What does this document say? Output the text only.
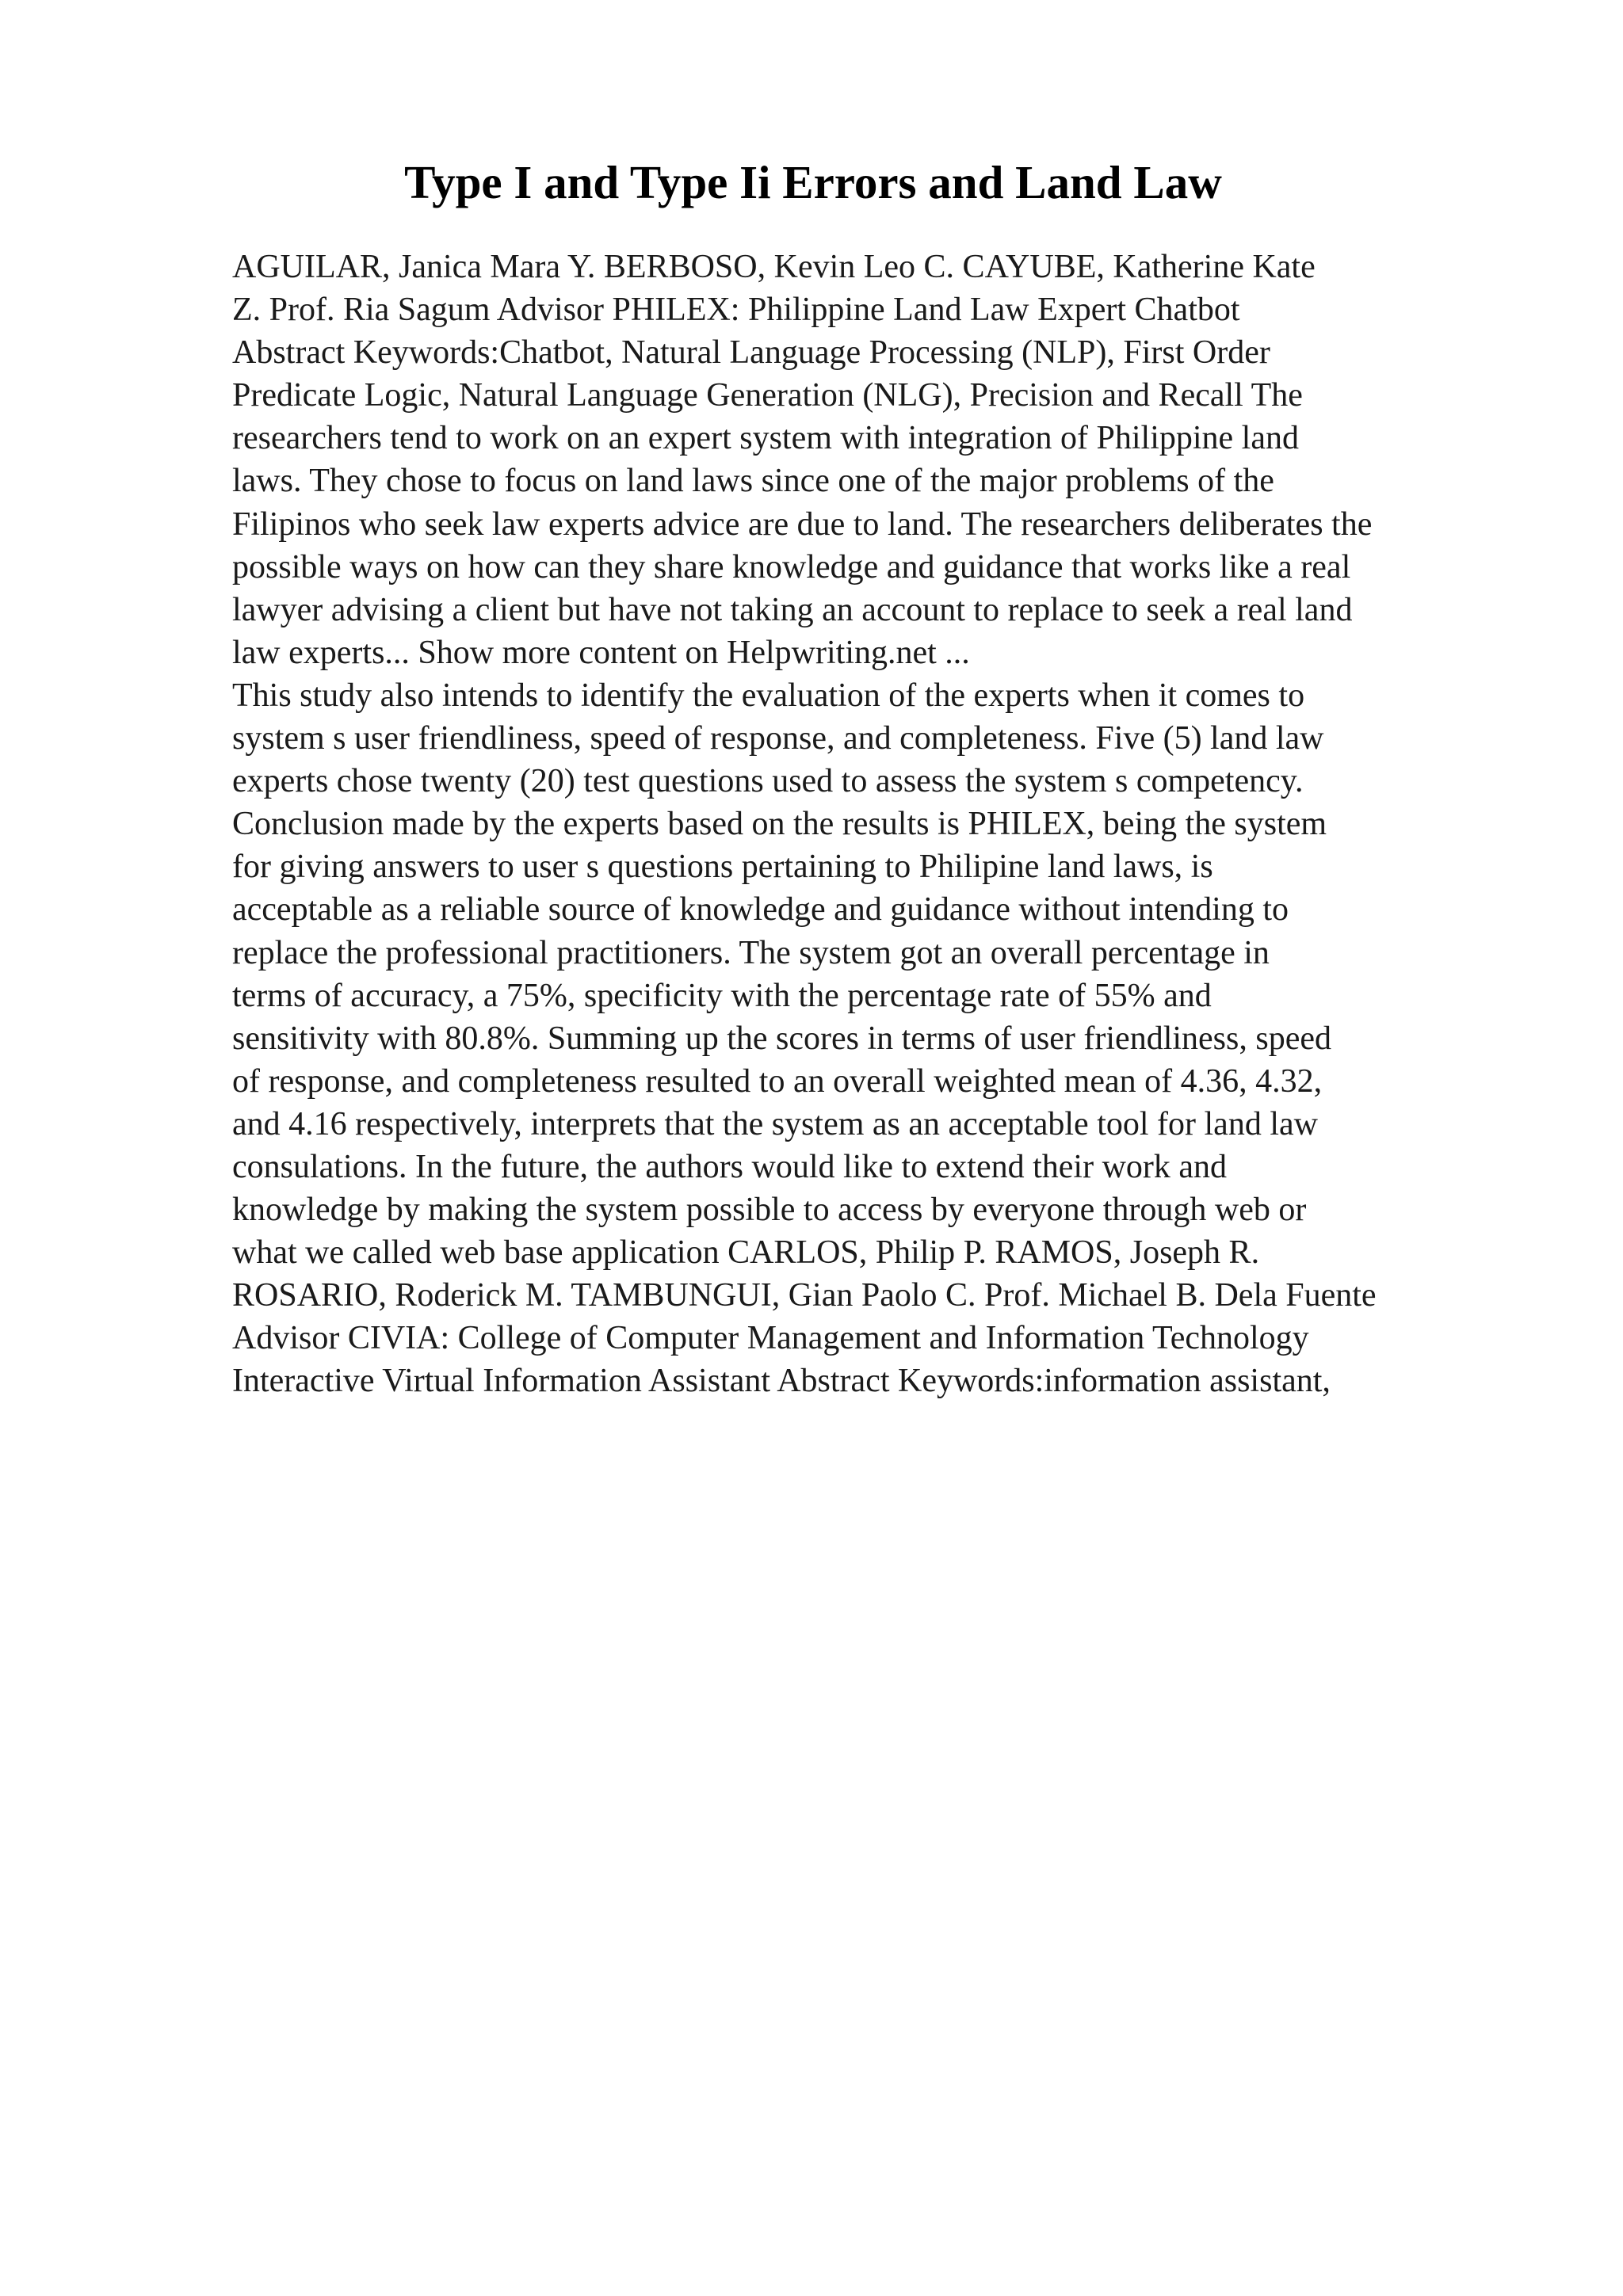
Type I and Type Ii Errors and Land Law
AGUILAR, Janica Mara Y. BERBOSO, Kevin Leo C. CAYUBE, Katherine Kate
Z. Prof. Ria Sagum Advisor PHILEX: Philippine Land Law Expert Chatbot
Abstract Keywords:Chatbot, Natural Language Processing (NLP), First Order
Predicate Logic, Natural Language Generation (NLG), Precision and Recall The
researchers tend to work on an expert system with integration of Philippine land
laws. They chose to focus on land laws since one of the major problems of the
Filipinos who seek law experts advice are due to land. The researchers deliberates the
possible ways on how can they share knowledge and guidance that works like a real
lawyer advising a client but have not taking an account to replace to seek a real land
law experts... Show more content on Helpwriting.net ...
This study also intends to identify the evaluation of the experts when it comes to
system s user friendliness, speed of response, and completeness. Five (5) land law
experts chose twenty (20) test questions used to assess the system s competency.
Conclusion made by the experts based on the results is PHILEX, being the system
for giving answers to user s questions pertaining to Philipine land laws, is
acceptable as a reliable source of knowledge and guidance without intending to
replace the professional practitioners. The system got an overall percentage in
terms of accuracy, a 75%, specificity with the percentage rate of 55% and
sensitivity with 80.8%. Summing up the scores in terms of user friendliness, speed
of response, and completeness resulted to an overall weighted mean of 4.36, 4.32,
and 4.16 respectively, interprets that the system as an acceptable tool for land law
consulations. In the future, the authors would like to extend their work and
knowledge by making the system possible to access by everyone through web or
what we called web base application CARLOS, Philip P. RAMOS, Joseph R.
ROSARIO, Roderick M. TAMBUNGUI, Gian Paolo C. Prof. Michael B. Dela Fuente
Advisor CIVIA: College of Computer Management and Information Technology
Interactive Virtual Information Assistant Abstract Keywords:information assistant,
